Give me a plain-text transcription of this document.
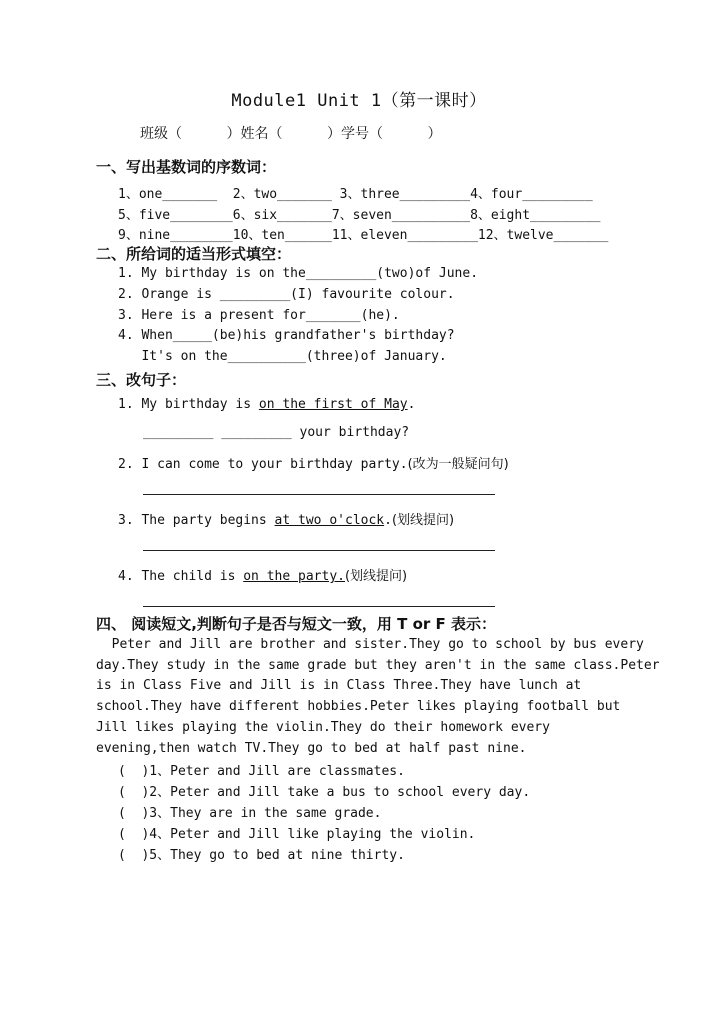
Module1 Unit 1（第一课时）
班级（          ）姓名（          ）学号（          ）
一、写出基数词的序数词：
1、one_______  2、two_______ 3、three_________4、four_________
5、five________6、six_______7、seven__________8、eight_________
9、nine________10、ten______11、eleven_________12、twelve_______
二、所给词的适当形式填空：
1. My birthday is on the_________(two)of June.
2. Orange is _________(I) favourite colour.
3. Here is a present for_______(he).
4. When_____(be)his grandfather's birthday?
It's on the__________(three)of January.
三、改句子：
1. My birthday is on the first of May.
_________ _________ your birthday?
2. I can come to your birthday party.(改为一般疑问句)
3. The party begins at two o'clock.(划线提问)
4. The child is on the party.(划线提问)
四、 阅读短文,判断句子是否与短文一致，用 T or F 表示：
Peter and Jill are brother and sister.They go to school by bus every
day.They study in the same grade but they aren't in the same class.Peter
is in Class Five and Jill is in Class Three.They have lunch at
school.They have different hobbies.Peter likes playing football but
Jill likes playing the violin.They do their homework every
evening,then watch TV.They go to bed at half past nine.
(  )1、Peter and Jill are classmates.
(  )2、Peter and Jill take a bus to school every day.
(  )3、They are in the same grade.
(  )4、Peter and Jill like playing the violin.
(  )5、They go to bed at nine thirty.
